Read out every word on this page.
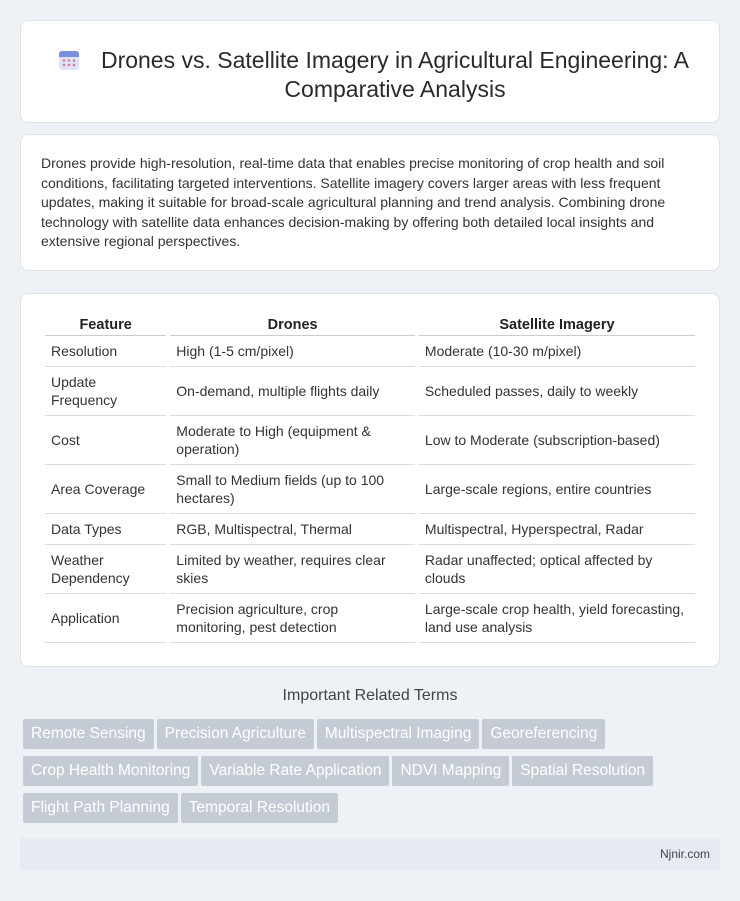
Drones vs. Satellite Imagery in Agricultural Engineering: A Comparative Analysis

Drones provide high-resolution, real-time data that enables precise monitoring of crop health and soil conditions, facilitating targeted interventions. Satellite imagery covers larger areas with less frequent updates, making it suitable for broad-scale agricultural planning and trend analysis. Combining drone technology with satellite data enhances decision-making by offering both detailed local insights and extensive regional perspectives.

Feature	Drones	Satellite Imagery
Resolution	High (1-5 cm/pixel)	Moderate (10-30 m/pixel)
Update Frequency	On-demand, multiple flights daily	Scheduled passes, daily to weekly
Cost	Moderate to High (equipment & operation)	Low to Moderate (subscription-based)
Area Coverage	Small to Medium fields (up to 100 hectares)	Large-scale regions, entire countries
Data Types	RGB, Multispectral, Thermal	Multispectral, Hyperspectral, Radar
Weather Dependency	Limited by weather, requires clear skies	Radar unaffected; optical affected by clouds
Application	Precision agriculture, crop monitoring, pest detection	Large-scale crop health, yield forecasting, land use analysis
Important Related Terms
Remote Sensing Precision Agriculture Multispectral Imaging GeoreferencingCrop Health Monitoring Variable Rate Application NDVI Mapping Spatial ResolutionFlight Path Planning Temporal Resolution
Njnir.com
